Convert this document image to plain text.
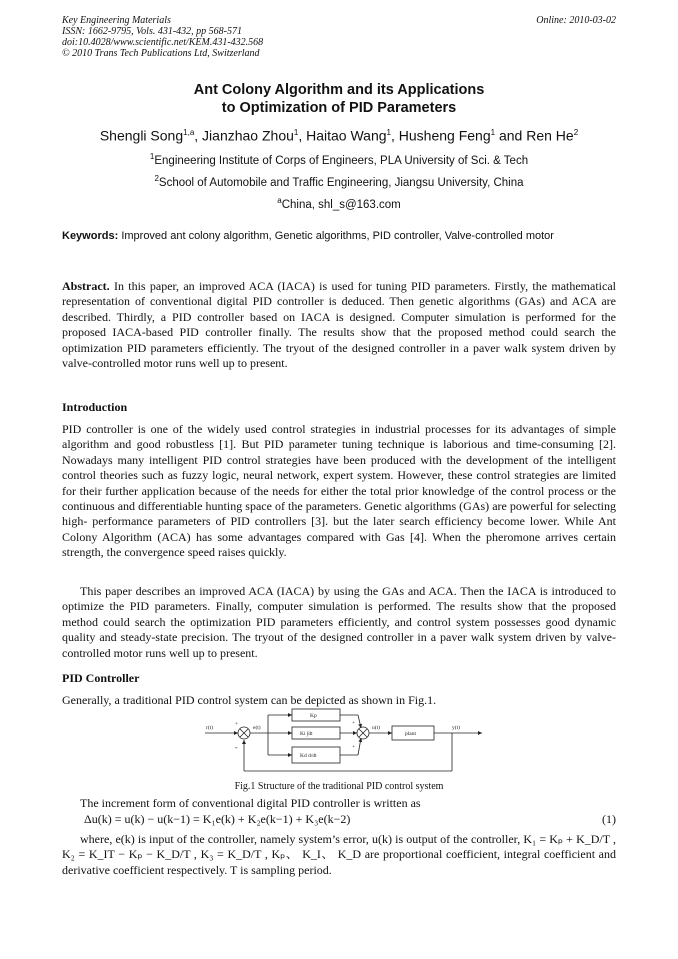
Key Engineering Materials
ISSN: 1662-9795, Vols. 431-432, pp 568-571
doi:10.4028/www.scientific.net/KEM.431-432.568
© 2010 Trans Tech Publications Ltd, Switzerland
Online: 2010-03-02
Ant Colony Algorithm and its Applications
to Optimization of PID Parameters
Shengli Song$^{1,a}$, Jianzhao Zhou$^1$, Haitao Wang$^1$, Husheng Feng$^1$ and Ren He$^2$
$^1$Engineering Institute of Corps of Engineers, PLA University of Sci. & Tech
$^2$School of Automobile and Traffic Engineering, Jiangsu University, China
$^a$China, shl_s@163.com
Keywords: Improved ant colony algorithm, Genetic algorithms, PID controller, Valve-controlled motor
Abstract. In this paper, an improved ACA (IACA) is used for tuning PID parameters. Firstly, the mathematical representation of conventional digital PID controller is deduced. Then genetic algorithms (GAs) and ACA are described. Thirdly, a PID controller based on IACA is designed. Computer simulation is performed for the proposed IACA-based PID controller finally. The results show that the proposed method could search the optimization PID parameters efficiently. The tryout of the designed controller in a paver walk system driven by valve-controlled motor runs well up to present.
Introduction
PID controller is one of the widely used control strategies in industrial processes for its advantages of simple algorithm and good robustless [1]. But PID parameter tuning technique is laborious and time-consuming [2]. Nowadays many intelligent PID control strategies have been produced with the development of the intelligent control theories such as fuzzy logic, neural network, expert system. However, these control strategies are limited for their further application because of the needs for either the total prior knowledge of the control process or the continuous and differentiable hunting space of the parameters. Genetic algorithms (GAs) are powerful for selecting high- performance parameters of PID controllers [3]. but the later search efficiency become lower. While Ant Colony Algorithm (ACA) has some advantages compared with Gas [4]. When the pheromone arrives certain strength, the convergence speed raises quickly.
This paper describes an improved ACA (IACA) by using the GAs and ACA. Then the IACA is introduced to optimize the PID parameters. Finally, computer simulation is performed. The results show that the proposed method could search the optimization PID parameters efficiently, and control system possesses good dynamic quality and steady-state precision. The tryout of the designed controller in a paver walk system driven by valve-controlled motor runs well up to present.
PID Controller
Generally, a traditional PID control system can be depicted as shown in Fig.1.
r(t)	e(t)	u(t)	y(t)
Kp
Ki ∫dt
Kd d/dt
plant
+
+
+
-
Fig.1 Structure of the traditional PID control system
The increment form of conventional digital PID controller is written as
Δu(k) = u(k) − u(k−1) = K₁e(k) + K₂e(k−1) + K₃e(k−2)	(1)
where, e(k) is input of the controller, namely system’s error, u(k) is output of the controller, K₁ = Kₚ + K_D/T , K₂ = K_IT − Kₚ − K_D/T , K₃ = K_D/T , Kₚ、 K_I、 K_D are proportional coefficient, integral coefficient and derivative coefficient respectively. T is sampling period.
